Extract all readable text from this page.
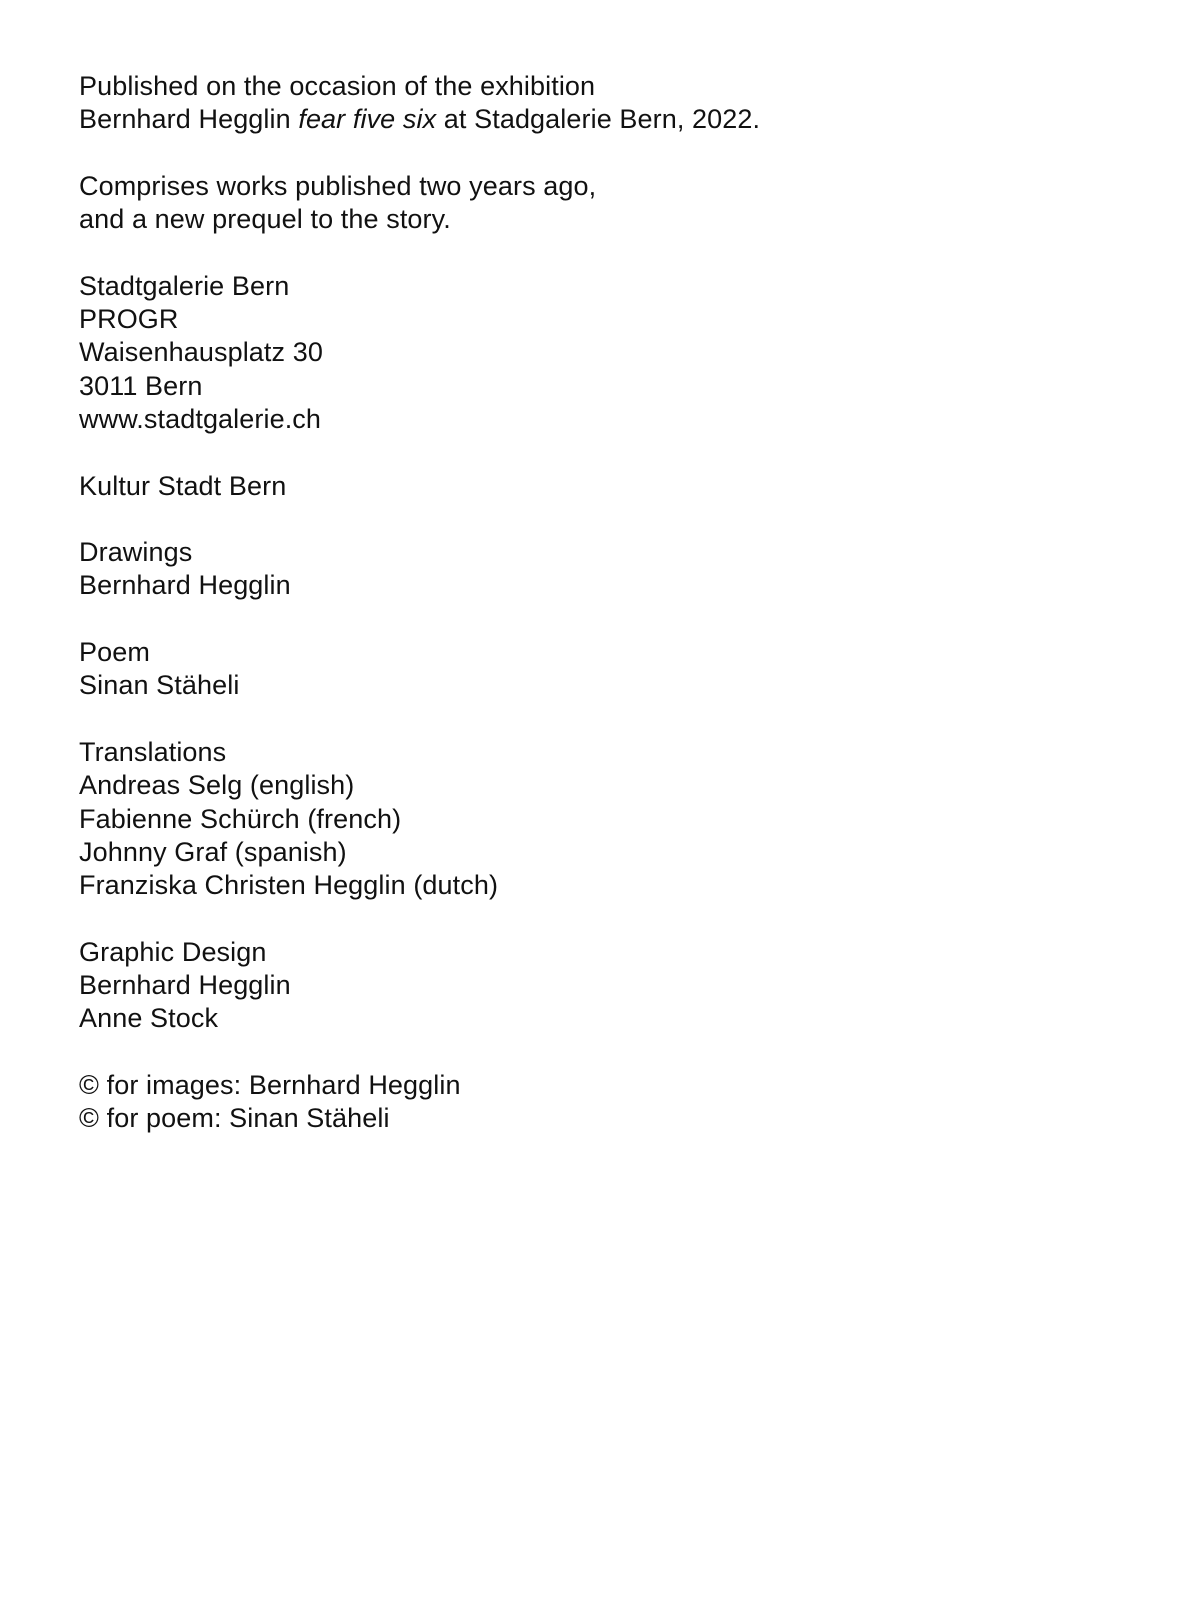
Published on the occasion of the exhibition
Bernhard Hegglin fear five six at Stadgalerie Bern, 2022.
Comprises works published two years ago,
and a new prequel to the story.
Stadtgalerie Bern
PROGR
Waisenhausplatz 30
3011 Bern
www.stadtgalerie.ch
Kultur Stadt Bern
Drawings
Bernhard Hegglin
Poem
Sinan Stäheli
Translations
Andreas Selg (english)
Fabienne Schürch (french)
Johnny Graf (spanish)
Franziska Christen Hegglin (dutch)
Graphic Design
Bernhard Hegglin
Anne Stock
© for images: Bernhard Hegglin
© for poem: Sinan Stäheli
